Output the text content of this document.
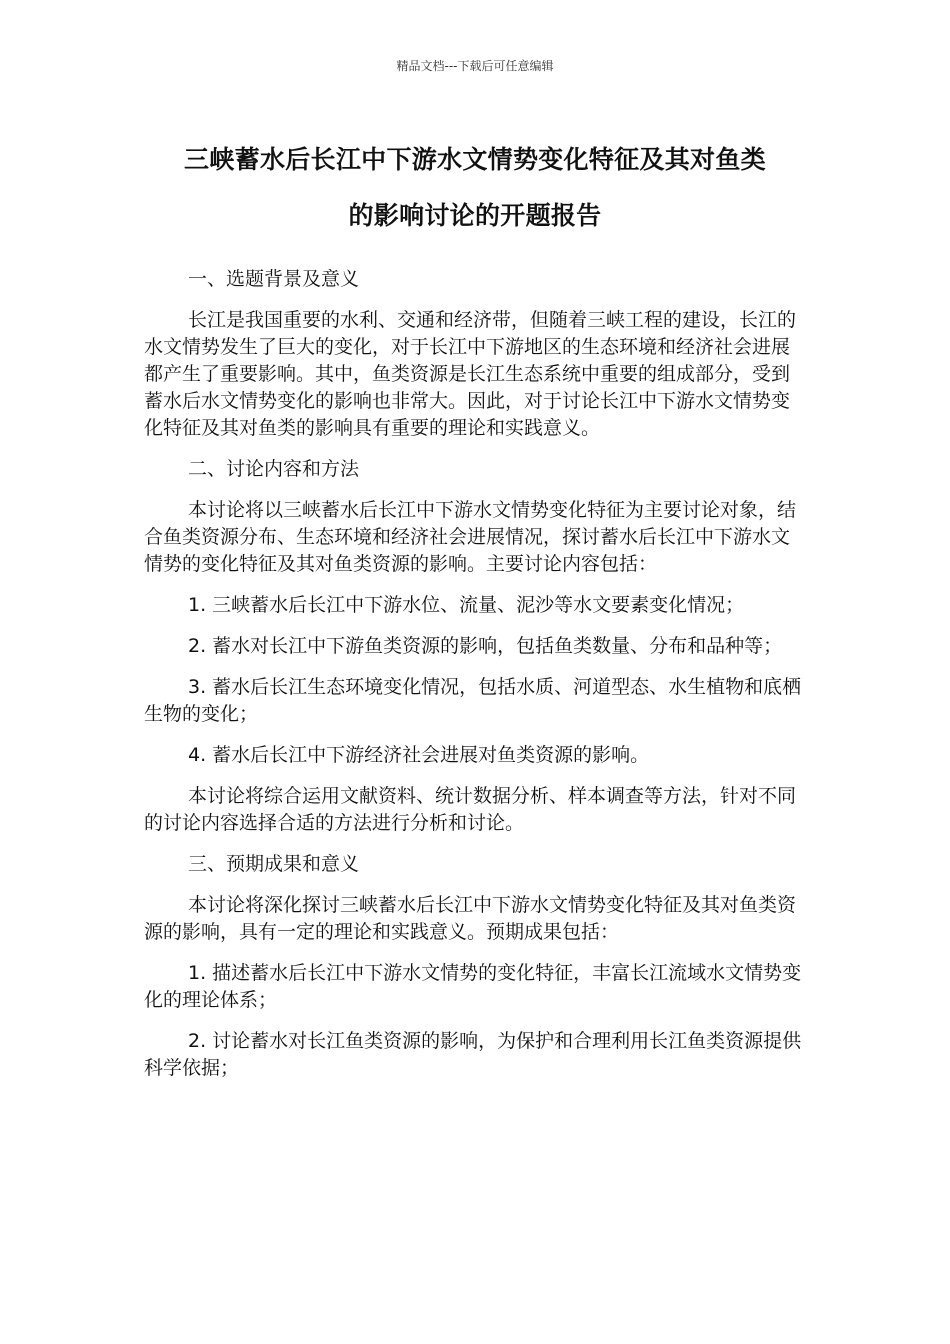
精品文档---下载后可任意编辑
三峡蓄水后长江中下游水文情势变化特征及其对鱼类
的影响讨论的开题报告

一、选题背景及意义

长江是我国重要的水利、交通和经济带，但随着三峡工程的建设，长江的水文情势发生了巨大的变化，对于长江中下游地区的生态环境和经济社会进展都产生了重要影响。其中，鱼类资源是长江生态系统中重要的组成部分，受到蓄水后水文情势变化的影响也非常大。因此，对于讨论长江中下游水文情势变化特征及其对鱼类的影响具有重要的理论和实践意义。

二、讨论内容和方法

本讨论将以三峡蓄水后长江中下游水文情势变化特征为主要讨论对象，结合鱼类资源分布、生态环境和经济社会进展情况，探讨蓄水后长江中下游水文情势的变化特征及其对鱼类资源的影响。主要讨论内容包括：

1. 三峡蓄水后长江中下游水位、流量、泥沙等水文要素变化情况；

2. 蓄水对长江中下游鱼类资源的影响，包括鱼类数量、分布和品种等；

3. 蓄水后长江生态环境变化情况，包括水质、河道型态、水生植物和底栖生物的变化；

4. 蓄水后长江中下游经济社会进展对鱼类资源的影响。

本讨论将综合运用文献资料、统计数据分析、样本调查等方法，针对不同的讨论内容选择合适的方法进行分析和讨论。

三、预期成果和意义

本讨论将深化探讨三峡蓄水后长江中下游水文情势变化特征及其对鱼类资源的影响，具有一定的理论和实践意义。预期成果包括：

1. 描述蓄水后长江中下游水文情势的变化特征，丰富长江流域水文情势变化的理论体系；

2. 讨论蓄水对长江鱼类资源的影响，为保护和合理利用长江鱼类资源提供科学依据；
